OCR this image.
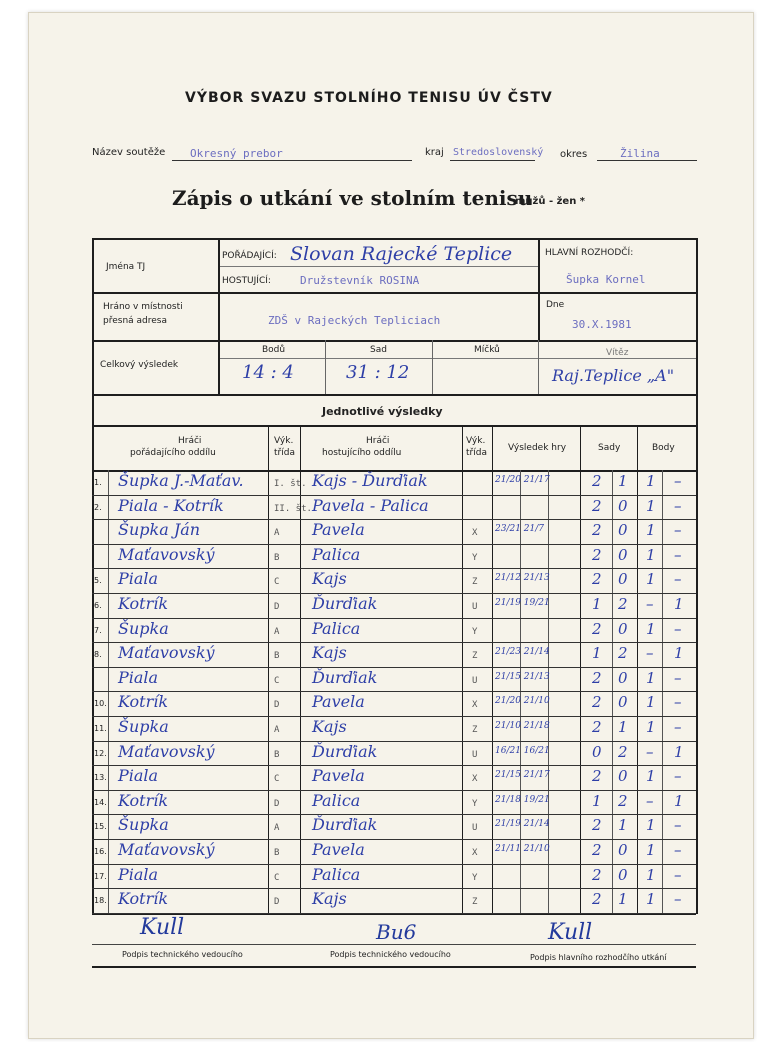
VÝBOR SVAZU STOLNÍHO TENISU ÚV ČSTV
Název soutěže Okresný prebor	kraj Stredoslovenský okres	Žilina
Zápis o utkání ve stolním tenisu
mužů - žen *
Jména TJ
POŘÁDAJÍCÍ: Slovan Rajecké Teplice
HOSTUJÍCÍ:	Družstevník ROSINA
HLAVNÍ ROZHODČÍ:
Šupka Kornel
Hráno v místnosti
přesná adresa	ZDŠ v Rajeckých Tepliciach
Dne
30.X.1981
Celkový výsledek
Bodů
14 : 4
Sad
31 : 12
Míčků	Vítěz
Raj.Teplice „A"
Jednotlivé výsledky
Hráči
pořádajícího oddílu
Výk.
třída
Hráči
hostujícího oddílu
Výk.
třída Výsledek hry	Sady	Body
1. Šupka J.-Maťav.	I. št. Kajs - Ďurďiak	21/20 21/17	2 1 1 –
2. Piala - Kotrík	II. št. Pavela - Palica	2 0 1 –
Šupka Ján	A Pavela	X 23/21 21/7	2 0 1 –
Maťavovský	B Palica	Y	2 0 1 –
5. Piala	C Kajs	Z 21/12 21/13	2 0 1 –
6. Kotrík	D Ďurďiak	U 21/19 19/21	1 2 – 1
7. Šupka	A Palica	Y	2 0 1 –
8. Maťavovský	B Kajs	Z 21/23 21/14	1 2 – 1
Piala	C Ďurďiak	U 21/15 21/13	2 0 1 –
10. Kotrík	D Pavela	X 21/20 21/10	2 0 1 –
11. Šupka	A Kajs	Z 21/10 21/18	2 1 1 –
12. Maťavovský	B Ďurďiak	U 16/21 16/21	0 2 – 1
13. Piala	C Pavela	X 21/15 21/17	2 0 1 –
14. Kotrík	D Palica	Y 21/18 19/21	1 2 – 1
15. Šupka	A Ďurďiak	U 21/19 21/14	2 1 1 –
16. Maťavovský	B Pavela	X 21/11 21/10	2 0 1 –
17. Piala	C Palica	Y	2 0 1 –
18. Kotrík	D Kajs	Z	2 1 1 –
Podpis technického vedoucího	Podpis technického vedoucího	Podpis hlavního rozhodčího utkání
Kull	Bu6	Kull
